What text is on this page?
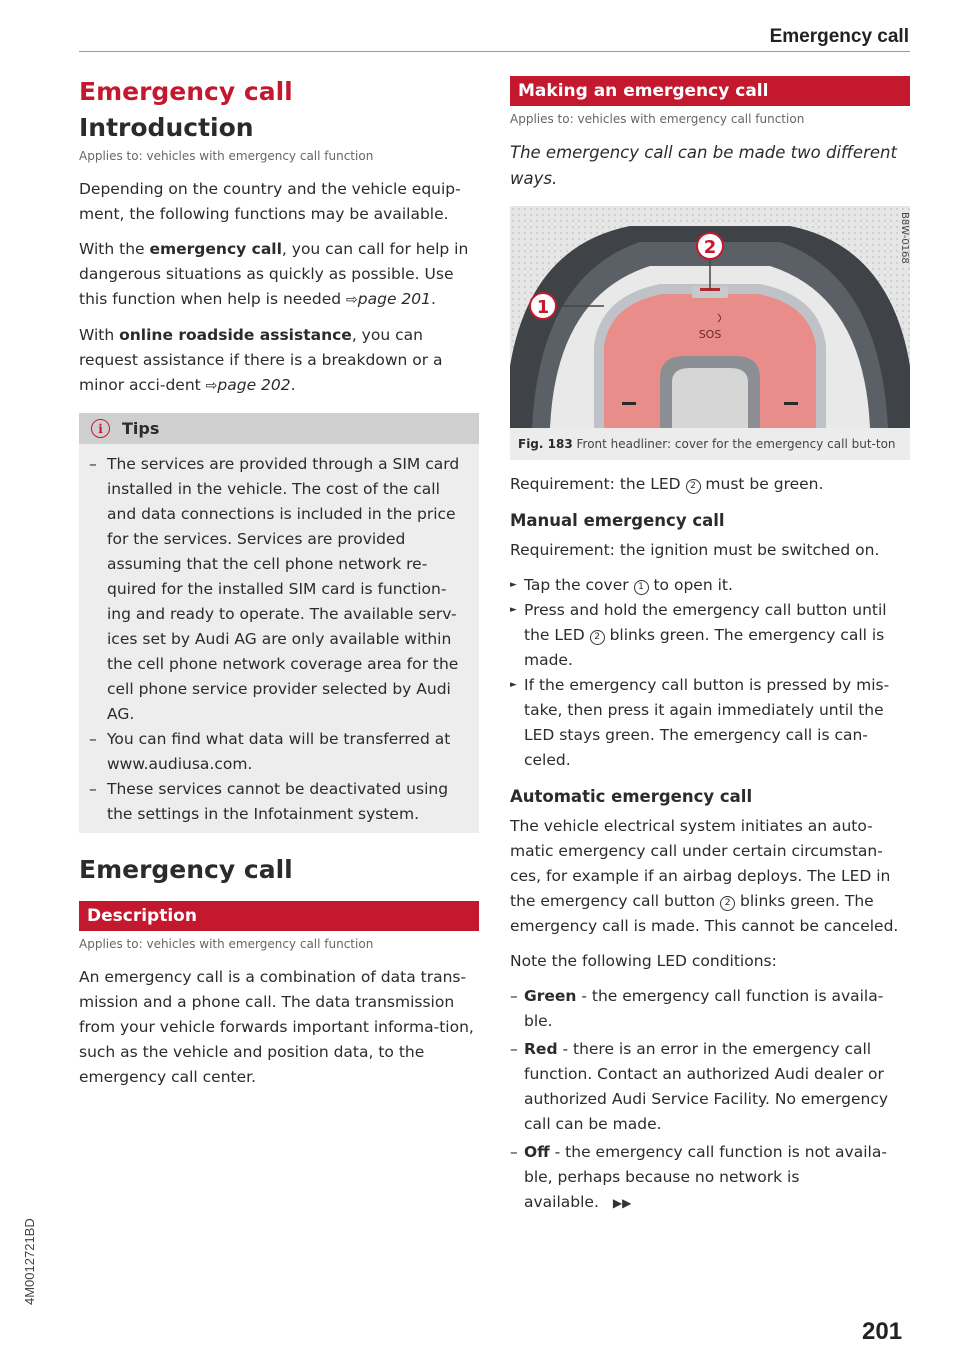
Emergency call
4M0012721BD
201
Emergency call
Introduction
Applies to: vehicles with emergency call function

Depending on the country and the vehicle equip-ment, the following functions may be available.

With the emergency call, you can call for help in dangerous situations as quickly as possible. Use this function when help is needed ⇨page 201.

With online roadside assistance, you can request assistance if there is a breakdown or a minor acci-dent ⇨page 202.

i	Tips
– The services are provided through a SIM card installed in the vehicle. The cost of the call and data connections is included in the price for the services. Services are provided assuming that the cell phone network re-quired for the installed SIM card is function-ing and ready to operate. The available serv-ices set by Audi AG are only available within the cell phone network coverage area for the cell phone service provider selected by Audi AG.
– You can find what data will be transferred at www.audiusa.com.
– These services cannot be deactivated using the settings in the Infotainment system.
Emergency call
Description
Applies to: vehicles with emergency call function

An emergency call is a combination of data trans-mission and a phone call. The data transmission from your vehicle forwards important informa-tion, such as the vehicle and position data, to the emergency call center.

Making an emergency call
Applies to: vehicles with emergency call function

The emergency call can be made two different ways.

2
1
SOS
B8W-0168
Fig. 183 Front headliner: cover for the emergency call but-ton

Requirement: the LED 2 must be green.

Manual emergency call

Requirement: the ignition must be switched on.

► Tap the cover 1 to open it.
► Press and hold the emergency call button until the LED 2 blinks green. The emergency call is made.
► If the emergency call button is pressed by mis-take, then press it again immediately until the LED stays green. The emergency call is can-celed.
Automatic emergency call

The vehicle electrical system initiates an auto-matic emergency call under certain circumstan-ces, for example if an airbag deploys. The LED in the emergency call button 2 blinks green. The emergency call is made. This cannot be canceled.

Note the following LED conditions:

– Green - the emergency call function is availa-ble.
– Red - there is an error in the emergency call function. Contact an authorized Audi dealer or authorized Audi Service Facility. No emergency call can be made.
– Off - the emergency call function is not availa-ble, perhaps because no network is available. ▶▶
